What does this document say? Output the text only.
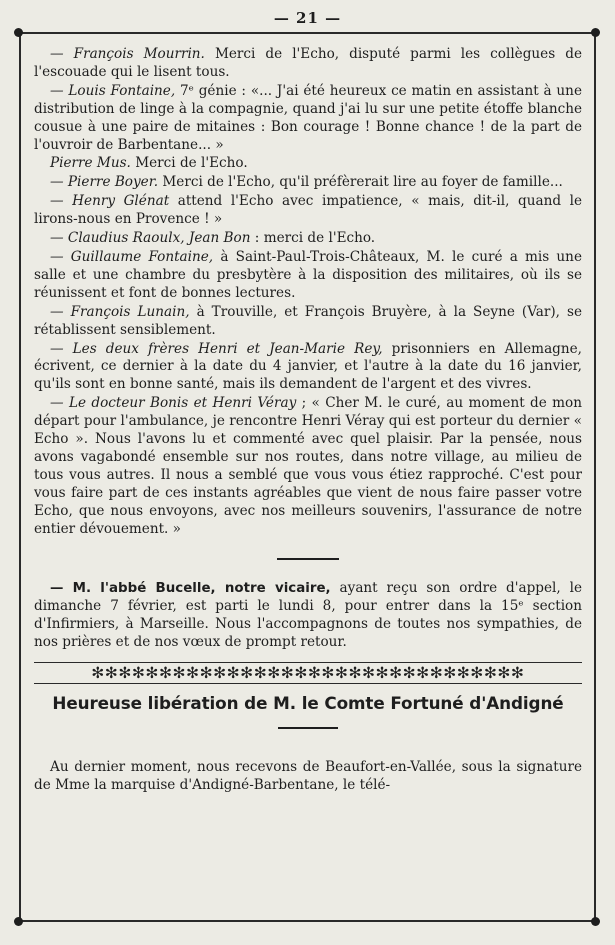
— 21 —

— François Mourrin. Merci de l'Echo, disputé parmi les collègues de l'escouade qui le lisent tous.

— Louis Fontaine, 7ᵉ génie : «... J'ai été heureux ce matin en assistant à une distribution de linge à la compagnie, quand j'ai lu sur une petite étoffe blanche cousue à une paire de mitaines : Bon courage ! Bonne chance ! de la part de l'ouvroir de Barbentane... »

Pierre Mus. Merci de l'Echo.

— Pierre Boyer. Merci de l'Echo, qu'il préfèrerait lire au foyer de famille...

— Henry Glénat attend l'Echo avec impatience, « mais, dit-il, quand le lirons-nous en Provence ! »

— Claudius Raoulx, Jean Bon : merci de l'Echo.

— Guillaume Fontaine, à Saint-Paul-Trois-Châteaux, M. le curé a mis une salle et une chambre du presbytère à la disposition des militaires, où ils se réunissent et font de bonnes lectures.

— François Lunain, à Trouville, et François Bruyère, à la Seyne (Var), se rétablissent sensiblement.

— Les deux frères Henri et Jean-Marie Rey, prisonniers en Allemagne, écrivent, ce dernier à la date du 4 janvier, et l'autre à la date du 16 janvier, qu'ils sont en bonne santé, mais ils demandent de l'argent et des vivres.

— Le docteur Bonis et Henri Véray ; « Cher M. le curé, au moment de mon départ pour l'ambulance, je rencontre Henri Véray qui est porteur du dernier « Echo ». Nous l'avons lu et commenté avec quel plaisir. Par la pensée, nous avons vagabondé ensemble sur nos routes, dans notre village, au milieu de tous vous autres. Il nous a semblé que vous vous étiez rapproché. C'est pour vous faire part de ces instants agréables que vient de nous faire passer votre Echo, que nous envoyons, avec nos meilleurs souvenirs, l'assurance de notre entier dévouement. »

— M. l'abbé Bucelle, notre vicaire, ayant reçu son ordre d'appel, le dimanche 7 février, est parti le lundi 8, pour entrer dans la 15ᵉ section d'Infirmiers, à Marseille. Nous l'accompagnons de toutes nos sympathies, de nos prières et de nos vœux de prompt retour.

✻✻✻✻✻✻✻✻✻✻✻✻✻✻✻✻✻✻✻✻✻✻✻✻✻✻✻✻✻✻✻✻
Heureuse libération de M. le Comte Fortuné d'Andigné

Au dernier moment, nous recevons de Beaufort-en-Vallée, sous la signature de Mme la marquise d'Andigné-Barbentane, le télé-
